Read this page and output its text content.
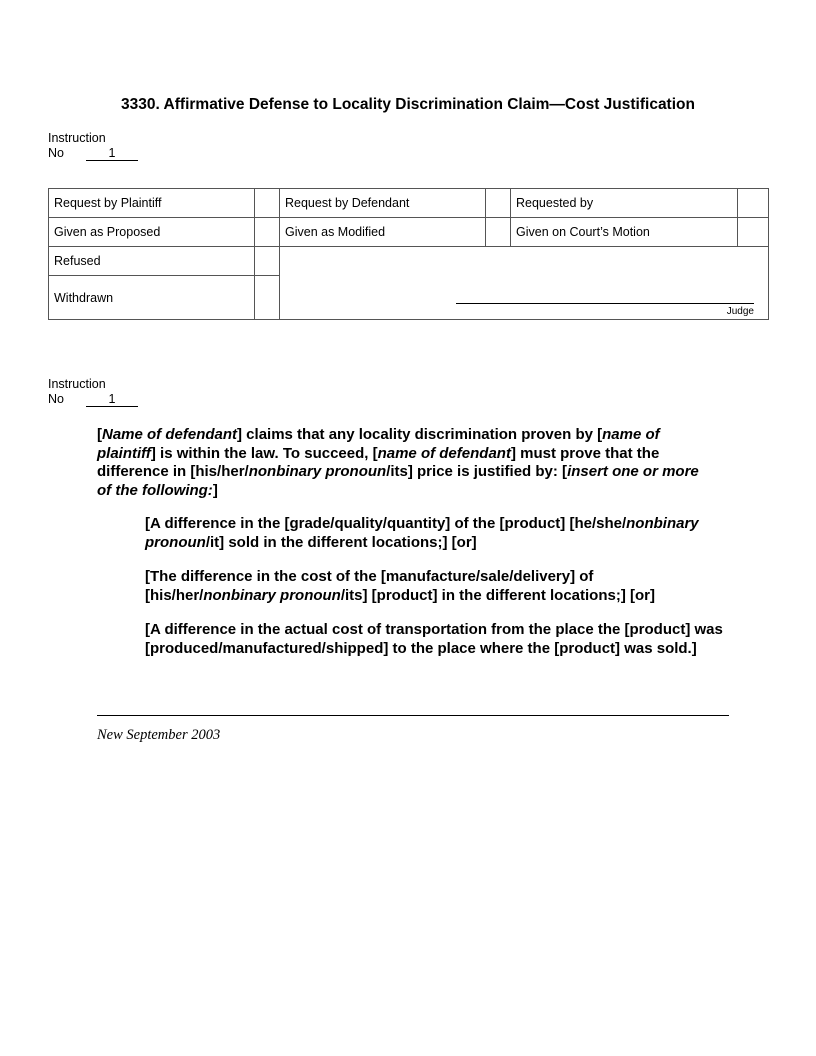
3330. Affirmative Defense to Locality Discrimination Claim—Cost Justification
Instruction
No	1
Request by Plaintiff		Request by Defendant		Requested by	
Given as Proposed		Given as Modified		Given on Court’s Motion	
Refused		Judge			

Withdrawn					
Instruction
No	1
[Name of defendant] claims that any locality discrimination proven by [name of plaintiff] is within the law. To succeed, [name of defendant] must prove that the difference in [his/her/nonbinary pronoun/its] price is justified by: [insert one or more of the following:]
[A difference in the [grade/quality/quantity] of the [product] [he/she/nonbinary pronoun/it] sold in the different locations;] [or]
[The difference in the cost of the [manufacture/sale/delivery] of [his/her/nonbinary pronoun/its] [product] in the different locations;] [or]
[A difference in the actual cost of transportation from the place the [product] was [produced/manufactured/shipped] to the place where the [product] was sold.]
New September 2003
